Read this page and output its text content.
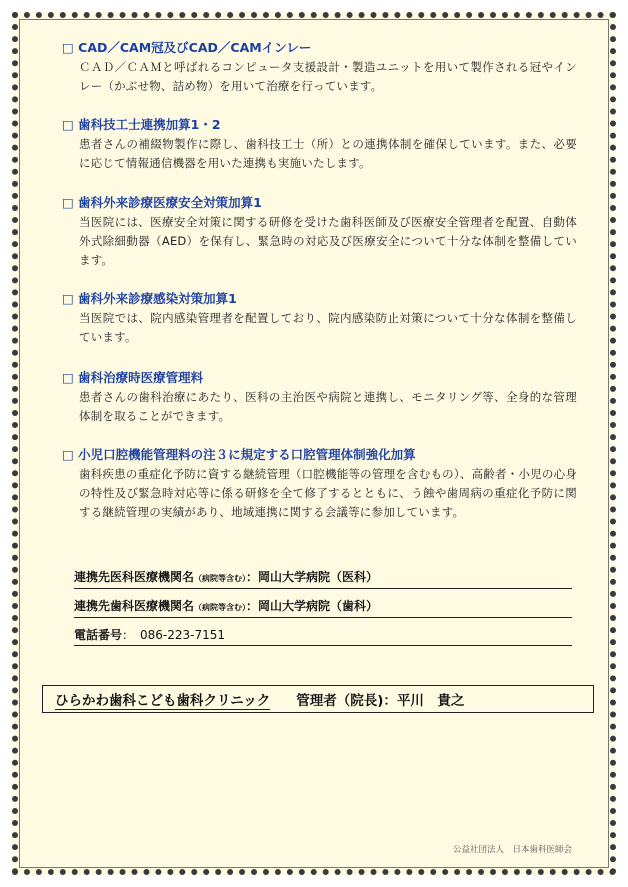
□ CAD／CAM冠及びCAD／CAMインレー
ＣＡＤ／ＣＡＭと呼ばれるコンピュータ支援設計・製造ユニットを用いて製作される冠やインレー（かぶせ物、詰め物）を用いて治療を行っています。
□ 歯科技工士連携加算1・2
患者さんの補綴物製作に際し、歯科技工士（所）との連携体制を確保しています。また、必要に応じて情報通信機器を用いた連携も実施いたします。
□ 歯科外来診療医療安全対策加算1
当医院には、医療安全対策に関する研修を受けた歯科医師及び医療安全管理者を配置、自動体外式除細動器（AED）を保有し、緊急時の対応及び医療安全について十分な体制を整備しています。
□ 歯科外来診療感染対策加算1
当医院では、院内感染管理者を配置しており、院内感染防止対策について十分な体制を整備しています。
□ 歯科治療時医療管理料
患者さんの歯科治療にあたり、医科の主治医や病院と連携し、モニタリング等、全身的な管理体制を取ることができます。
□ 小児口腔機能管理料の注３に規定する口腔管理体制強化加算
歯科疾患の重症化予防に資する継続管理（口腔機能等の管理を含むもの）、高齢者・小児の心身の特性及び緊急時対応等に係る研修を全て修了するとともに、う蝕や歯周病の重症化予防に関する継続管理の実績があり、地域連携に関する会議等に参加しています。
連携先医科医療機関名（病院等含む）：岡山大学病院（医科）
連携先歯科医療機関名（病院等含む）：岡山大学病院（歯科）
電話番号：　086-223-7151
ひらかわ歯科こども歯科クリニック 管理者（院長)：平川　貴之
公益社団法人　日本歯科医師会
